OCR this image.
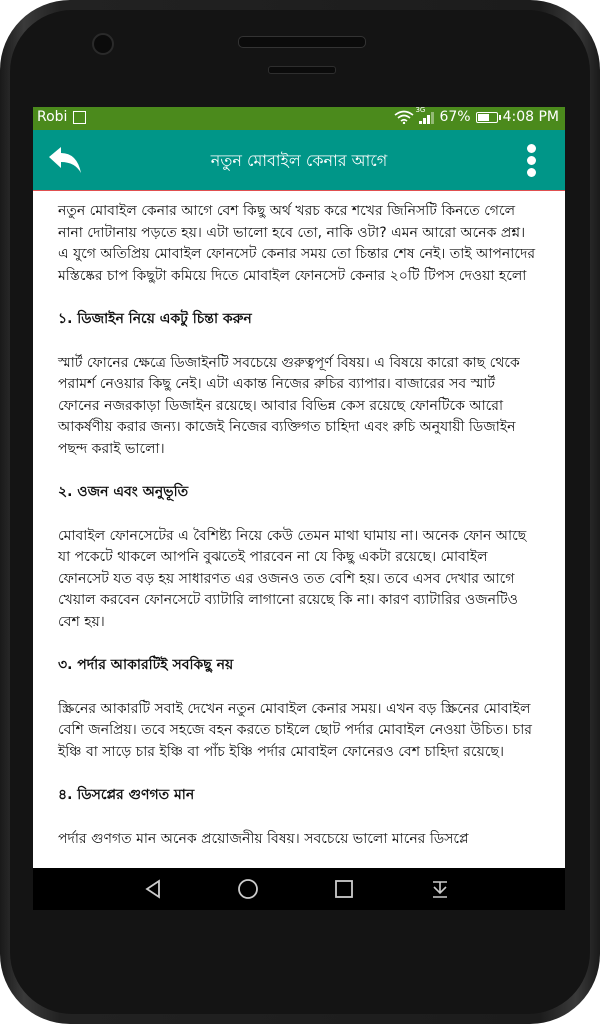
Robi	3G 67% 4:08 PM
নতুন মোবাইল কেনার আগে

নতুন মোবাইল কেনার আগে বেশ কিছু অর্থ খরচ করে শখের জিনিসটি কিনতে গেলে নানা দোটানায় পড়তে হয়। এটা ভালো হবে তো, নাকি ওটা? এমন আরো অনেক প্রশ্ন। এ যুগে অতিপ্রিয় মোবাইল ফোনসেট কেনার সময় তো চিন্তার শেষ নেই। তাই আপনাদের মস্তিষ্কের চাপ কিছুটা কমিয়ে দিতে মোবাইল ফোনসেট কেনার ২০টি টিপস দেওয়া হলো

১. ডিজাইন নিয়ে একটু চিন্তা করুন

স্মার্ট ফোনের ক্ষেত্রে ডিজাইনটি সবচেয়ে গুরুত্বপূর্ণ বিষয়। এ বিষয়ে কারো কাছ থেকে পরামর্শ নেওয়ার কিছু নেই। এটা একান্ত নিজের রুচির ব্যাপার। বাজারের সব স্মার্ট ফোনের নজরকাড়া ডিজাইন রয়েছে। আবার বিভিন্ন কেস রয়েছে ফোনটিকে আরো আকর্ষণীয় করার জন্য। কাজেই নিজের ব্যক্তিগত চাহিদা এবং রুচি অনুযায়ী ডিজাইন পছন্দ করাই ভালো।

২. ওজন এবং অনুভূতি

মোবাইল ফোনসেটের এ বৈশিষ্ট্য নিয়ে কেউ তেমন মাথা ঘামায় না। অনেক ফোন আছে যা পকেটে থাকলে আপনি বুঝতেই পারবেন না যে কিছু একটা রয়েছে। মোবাইল ফোনসেট যত বড় হয় সাধারণত এর ওজনও তত বেশি হয়। তবে এসব দেখার আগে খেয়াল করবেন ফোনসেটে ব্যাটারি লাগানো রয়েছে কি না। কারণ ব্যাটারির ওজনটিও বেশ হয়।

৩. পর্দার আকারটিই সবকিছু নয়

স্ক্রিনের আকারটি সবাই দেখেন নতুন মোবাইল কেনার সময়। এখন বড় স্ক্রিনের মোবাইল বেশি জনপ্রিয়। তবে সহজে বহন করতে চাইলে ছোট পর্দার মোবাইল নেওয়া উচিত। চার ইঞ্চি বা সাড়ে চার ইঞ্চি বা পাঁচ ইঞ্চি পর্দার মোবাইল ফোনেরও বেশ চাহিদা রয়েছে।

৪. ডিসপ্লের গুণগত মান

পর্দার গুণগত মান অনেক প্রয়োজনীয় বিষয়। সবচেয়ে ভালো মানের ডিসপ্লে
